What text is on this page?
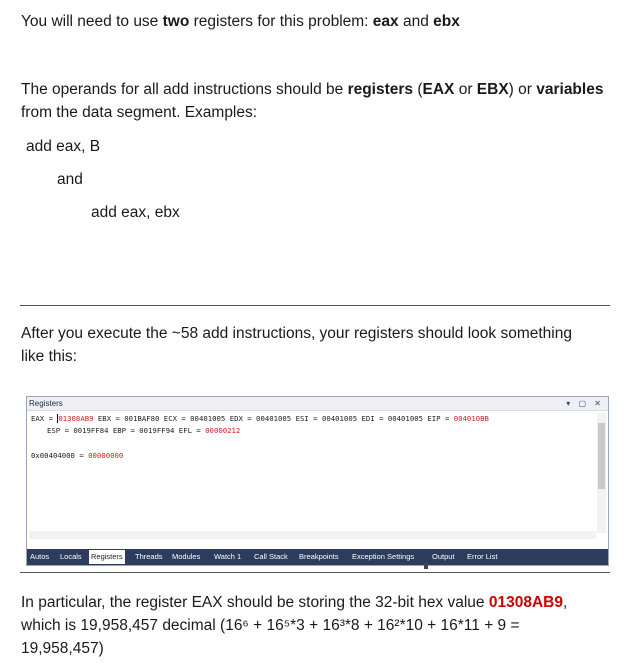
You will need to use two registers for this problem: eax and ebx
The operands for all add instructions should be registers (EAX or EBX) or variables
from the data segment. Examples:
add eax, B
and
add eax, ebx
After you execute the ~58 add instructions, your registers should look something
like this:
Registers	▾ ▢ ✕
EAX = 01308AB9 EBX = 001BAF80 ECX = 00401005 EDX = 00401005 ESI = 00401005 EDI = 00401005 EIP = 004010BB
ESP = 0019FF84 EBP = 0019FF94 EFL = 00000212
0x00404000 = 00000000
Autos Locals Registers Threads Modules Watch 1 Call Stack Breakpoints Exception Settings Output Error List
In particular, the register EAX should be storing the 32-bit hex value 01308AB9,
which is 19,958,457 decimal (16⁶ + 16⁵*3 + 16³*8 + 16²*10 + 16*11 + 9 =
19,958,457)
